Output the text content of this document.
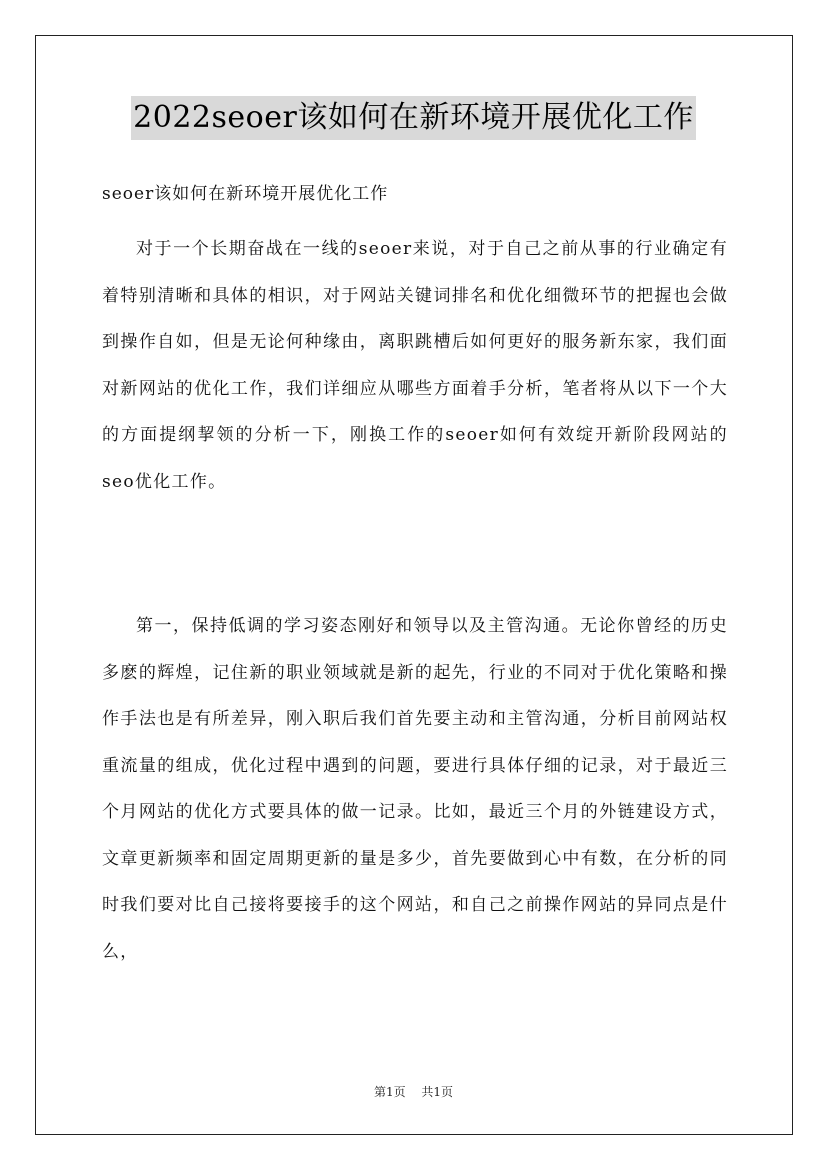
2022seoer该如何在新环境开展优化工作
seoer该如何在新环境开展优化工作

对于一个长期奋战在一线的seoer来说，对于自己之前从事的行业确定有着特别清晰和具体的相识，对于网站关键词排名和优化细微环节的把握也会做到操作自如，但是无论何种缘由，离职跳槽后如何更好的服务新东家，我们面对新网站的优化工作，我们详细应从哪些方面着手分析，笔者将从以下一个大的方面提纲挈领的分析一下，刚换工作的seoer如何有效绽开新阶段网站的seo优化工作。

第一，保持低调的学习姿态刚好和领导以及主管沟通。无论你曾经的历史多麽的辉煌，记住新的职业领域就是新的起先，行业的不同对于优化策略和操作手法也是有所差异，刚入职后我们首先要主动和主管沟通，分析目前网站权重流量的组成，优化过程中遇到的问题，要进行具体仔细的记录，对于最近三个月网站的优化方式要具体的做一记录。比如，最近三个月的外链建设方式，文章更新频率和固定周期更新的量是多少，首先要做到心中有数，在分析的同时我们要对比自己接将要接手的这个网站，和自己之前操作网站的异同点是什么，

第1页 共1页
